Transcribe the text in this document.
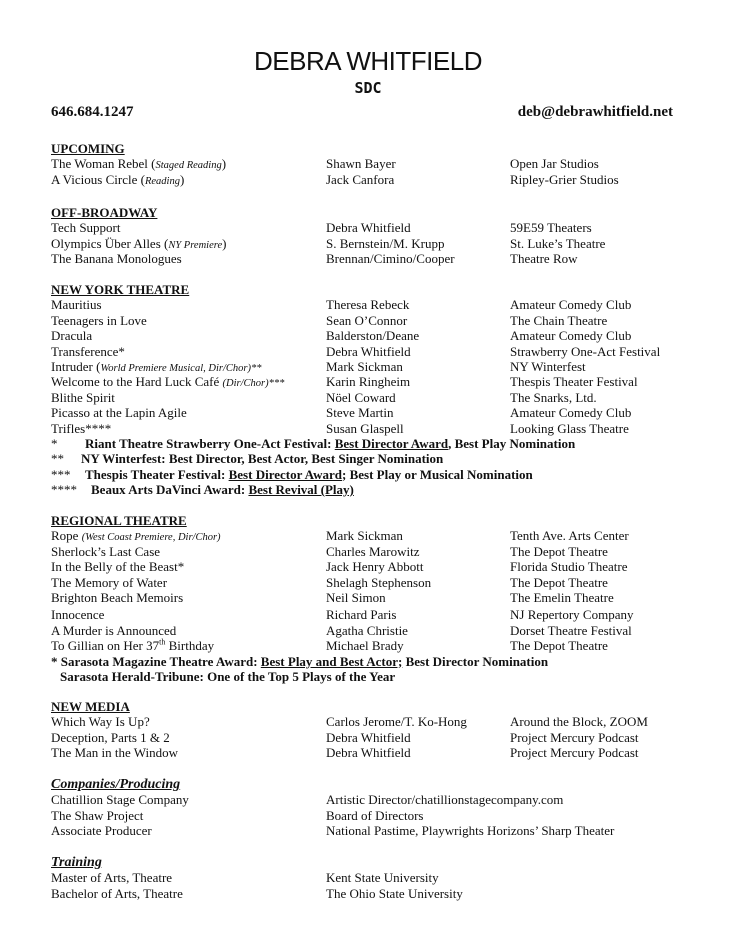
DEBRA WHITFIELD
SDC
646.684.1247	deb@debrawhitfield.net
UPCOMING
The Woman Rebel (Staged Reading)	Shawn Bayer	Open Jar Studios
A Vicious Circle (Reading)	Jack Canfora	Ripley-Grier Studios
OFF-BROADWAY
Tech Support	Debra Whitfield	59E59 Theaters
Olympics Über Alles (NY Premiere)	S. Bernstein/M. Krupp	St. Luke’s Theatre
The Banana Monologues	Brennan/Cimino/Cooper	Theatre Row
NEW YORK THEATRE
Mauritius	Theresa Rebeck	Amateur Comedy Club
Teenagers in Love	Sean O’Connor	The Chain Theatre
Dracula	Balderston/Deane	Amateur Comedy Club
Transference*	Debra Whitfield	Strawberry One-Act Festival
Intruder (World Premiere Musical, Dir/Chor)**	Mark Sickman	NY Winterfest
Welcome to the Hard Luck Café (Dir/Chor)***	Karin Ringheim	Thespis Theater Festival
Blithe Spirit	Nöel Coward	The Snarks, Ltd.
Picasso at the Lapin Agile	Steve Martin	Amateur Comedy Club
Trifles****	Susan Glaspell	Looking Glass Theatre
* Riant Theatre Strawberry One-Act Festival: Best Director Award, Best Play Nomination
** NY Winterfest: Best Director, Best Actor, Best Singer Nomination
*** Thespis Theater Festival: Best Director Award; Best Play or Musical Nomination
**** Beaux Arts DaVinci Award: Best Revival (Play)
REGIONAL THEATRE
Rope (West Coast Premiere, Dir/Chor)	Mark Sickman	Tenth Ave. Arts Center
Sherlock’s Last Case	Charles Marowitz	The Depot Theatre
In the Belly of the Beast*	Jack Henry Abbott	Florida Studio Theatre
The Memory of Water	Shelagh Stephenson	The Depot Theatre
Brighton Beach Memoirs	Neil Simon	The Emelin Theatre
Innocence	Richard Paris	NJ Repertory Company
A Murder is Announced	Agatha Christie	Dorset Theatre Festival
To Gillian on Her 37th Birthday	Michael Brady	The Depot Theatre
* Sarasota Magazine Theatre Award: Best Play and Best Actor; Best Director Nomination
Sarasota Herald-Tribune: One of the Top 5 Plays of the Year
NEW MEDIA
Which Way Is Up?	Carlos Jerome/T. Ko-Hong	Around the Block, ZOOM
Deception, Parts 1 & 2	Debra Whitfield	Project Mercury Podcast
The Man in the Window	Debra Whitfield	Project Mercury Podcast
Companies/Producing
Chatillion Stage Company	Artistic Director/chatillionstagecompany.com
The Shaw Project	Board of Directors
Associate Producer	National Pastime, Playwrights Horizons’ Sharp Theater
Training
Master of Arts, Theatre	Kent State University
Bachelor of Arts, Theatre	The Ohio State University
